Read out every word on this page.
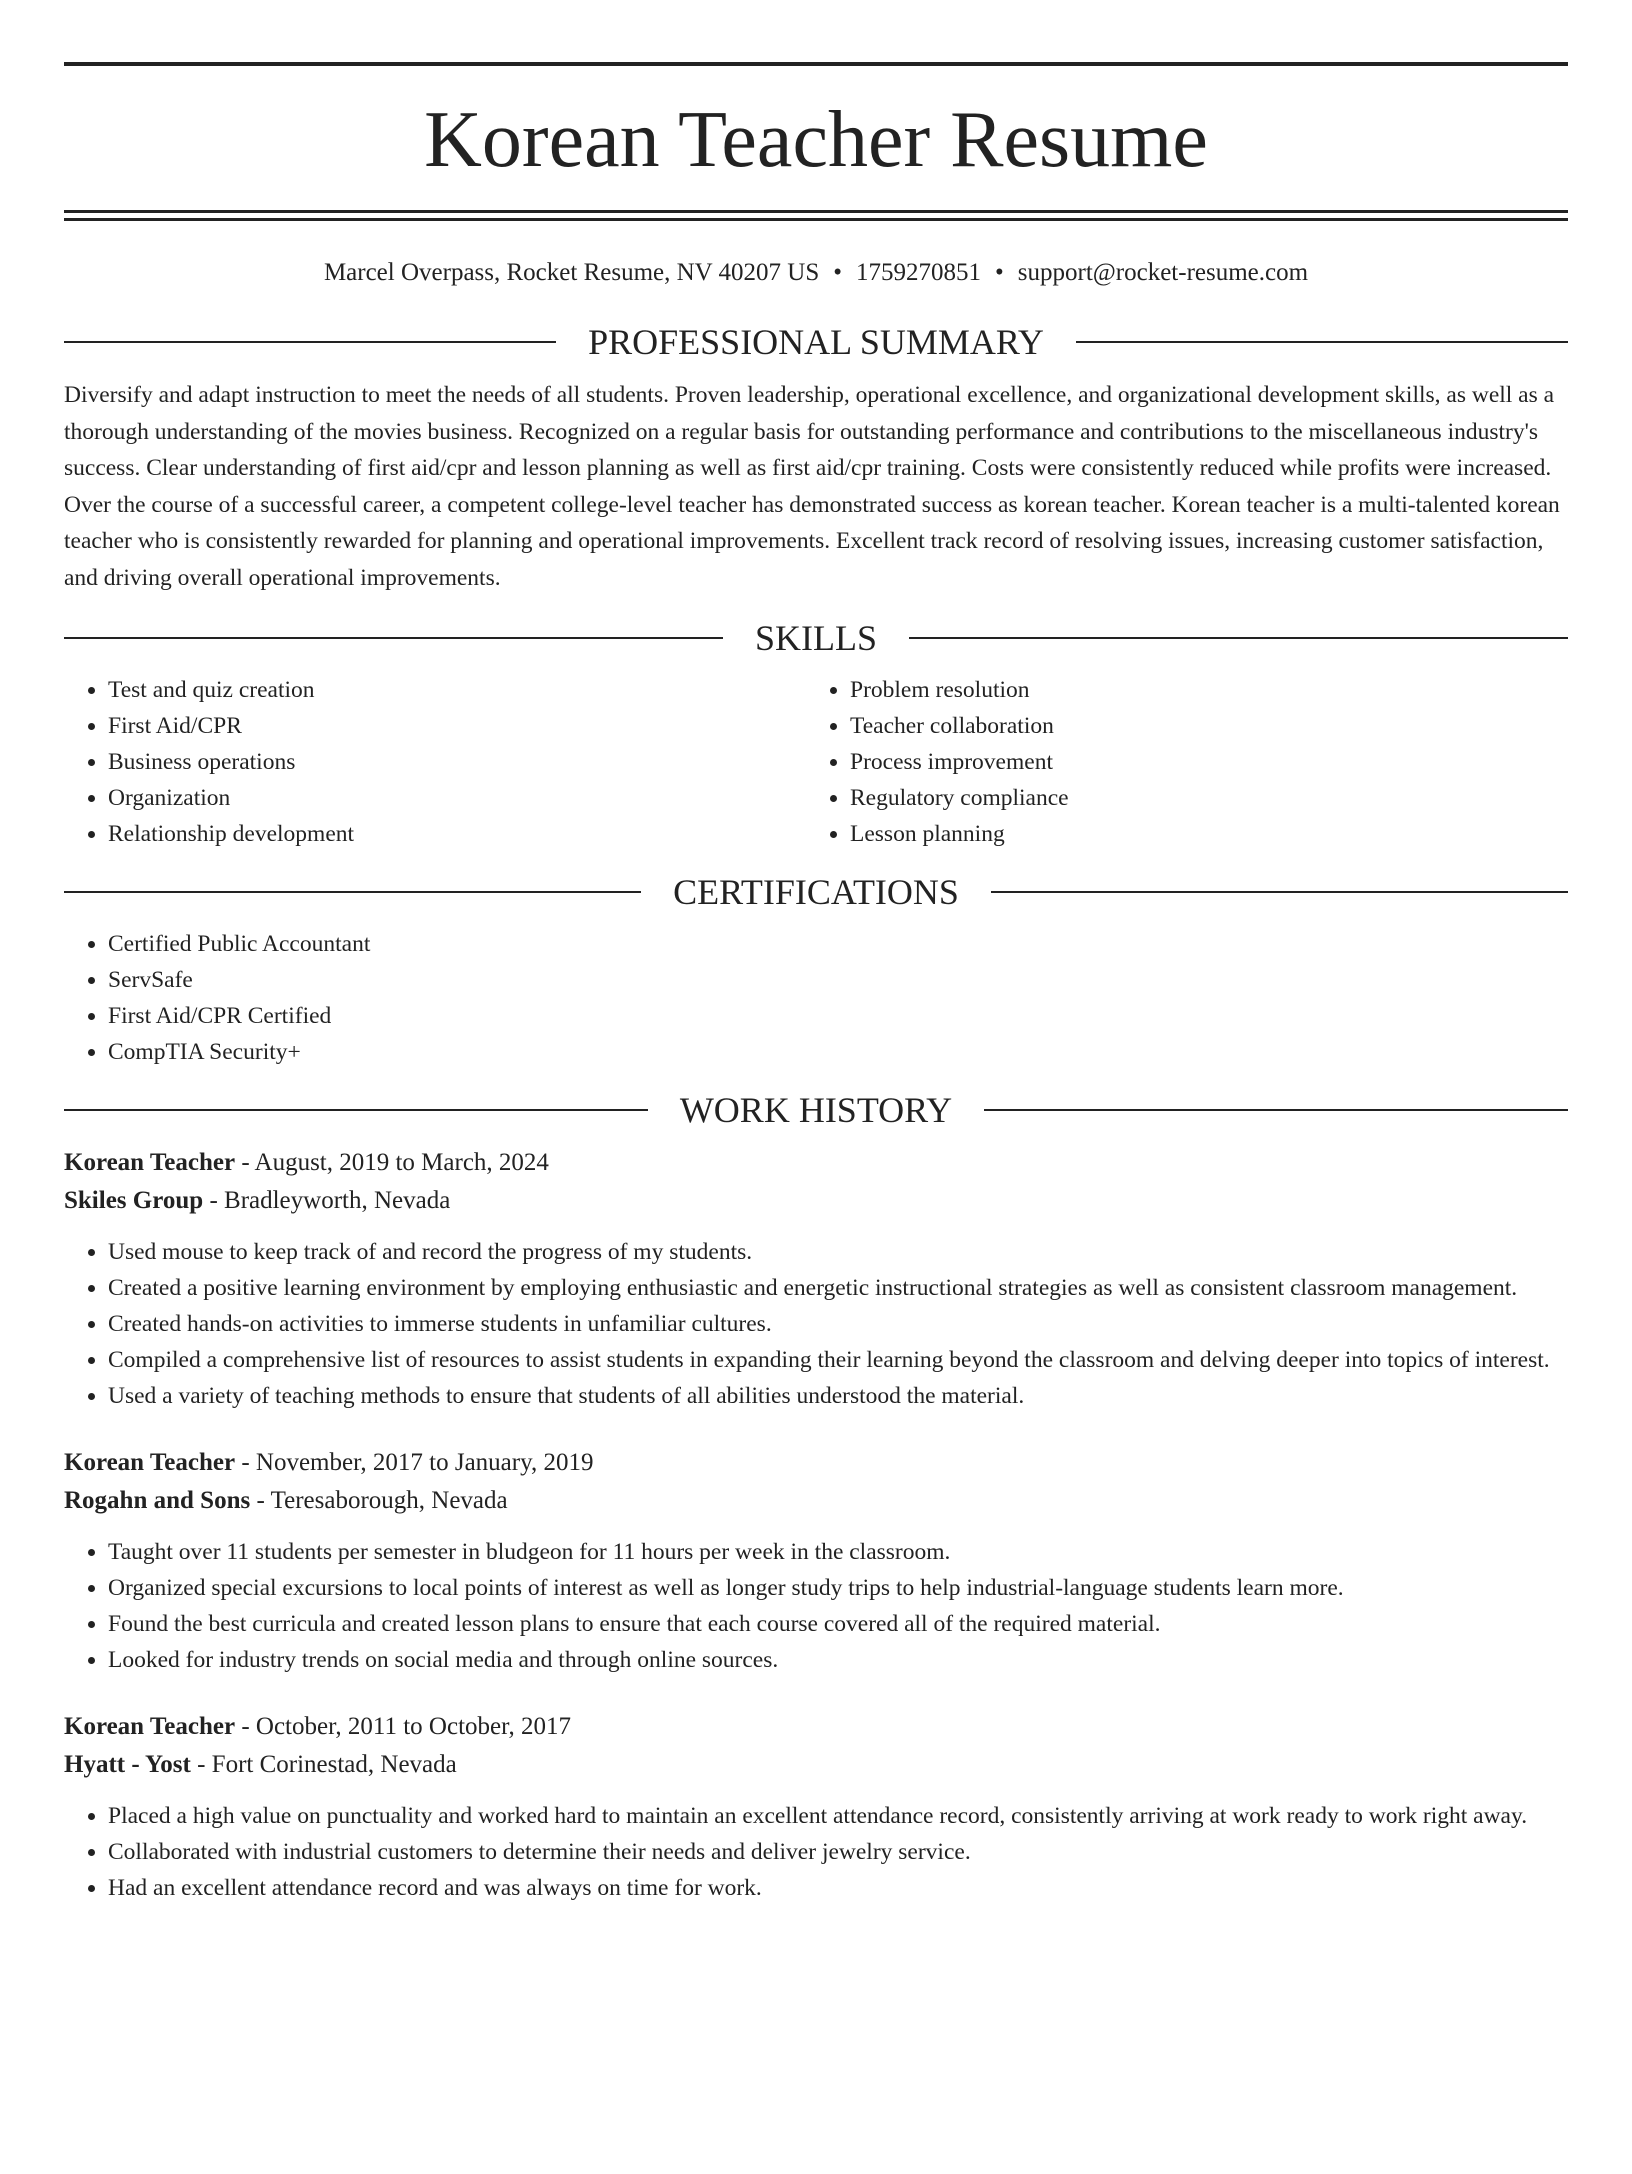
Korean Teacher Resume
Marcel Overpass, Rocket Resume, NV 40207 US • 1759270851 • support@rocket-resume.com
PROFESSIONAL SUMMARY

Diversify and adapt instruction to meet the needs of all students. Proven leadership, operational excellence, and organizational development skills, as well as a thorough understanding of the movies business. Recognized on a regular basis for outstanding performance and contributions to the miscellaneous industry's success. Clear understanding of first aid/cpr and lesson planning as well as first aid/cpr training. Costs were consistently reduced while profits were increased. Over the course of a successful career, a competent college-level teacher has demonstrated success as korean teacher. Korean teacher is a multi-talented korean teacher who is consistently rewarded for planning and operational improvements. Excellent track record of resolving issues, increasing customer satisfaction, and driving overall operational improvements.

SKILLS
• Test and quiz creation
• First Aid/CPR
• Business operations
• Organization
• Relationship development
• Problem resolution
• Teacher collaboration
• Process improvement
• Regulatory compliance
• Lesson planning
CERTIFICATIONS
• Certified Public Accountant
• ServSafe
• First Aid/CPR Certified
• CompTIA Security+
WORK HISTORY
Korean Teacher - August, 2019 to March, 2024
Skiles Group - Bradleyworth, Nevada
• Used mouse to keep track of and record the progress of my students.
• Created a positive learning environment by employing enthusiastic and energetic instructional strategies as well as consistent classroom management.
• Created hands-on activities to immerse students in unfamiliar cultures.
• Compiled a comprehensive list of resources to assist students in expanding their learning beyond the classroom and delving deeper into topics of interest.
• Used a variety of teaching methods to ensure that students of all abilities understood the material.
Korean Teacher - November, 2017 to January, 2019
Rogahn and Sons - Teresaborough, Nevada
• Taught over 11 students per semester in bludgeon for 11 hours per week in the classroom.
• Organized special excursions to local points of interest as well as longer study trips to help industrial-language students learn more.
• Found the best curricula and created lesson plans to ensure that each course covered all of the required material.
• Looked for industry trends on social media and through online sources.
Korean Teacher - October, 2011 to October, 2017
Hyatt - Yost - Fort Corinestad, Nevada
• Placed a high value on punctuality and worked hard to maintain an excellent attendance record, consistently arriving at work ready to work right away.
• Collaborated with industrial customers to determine their needs and deliver jewelry service.
• Had an excellent attendance record and was always on time for work.
